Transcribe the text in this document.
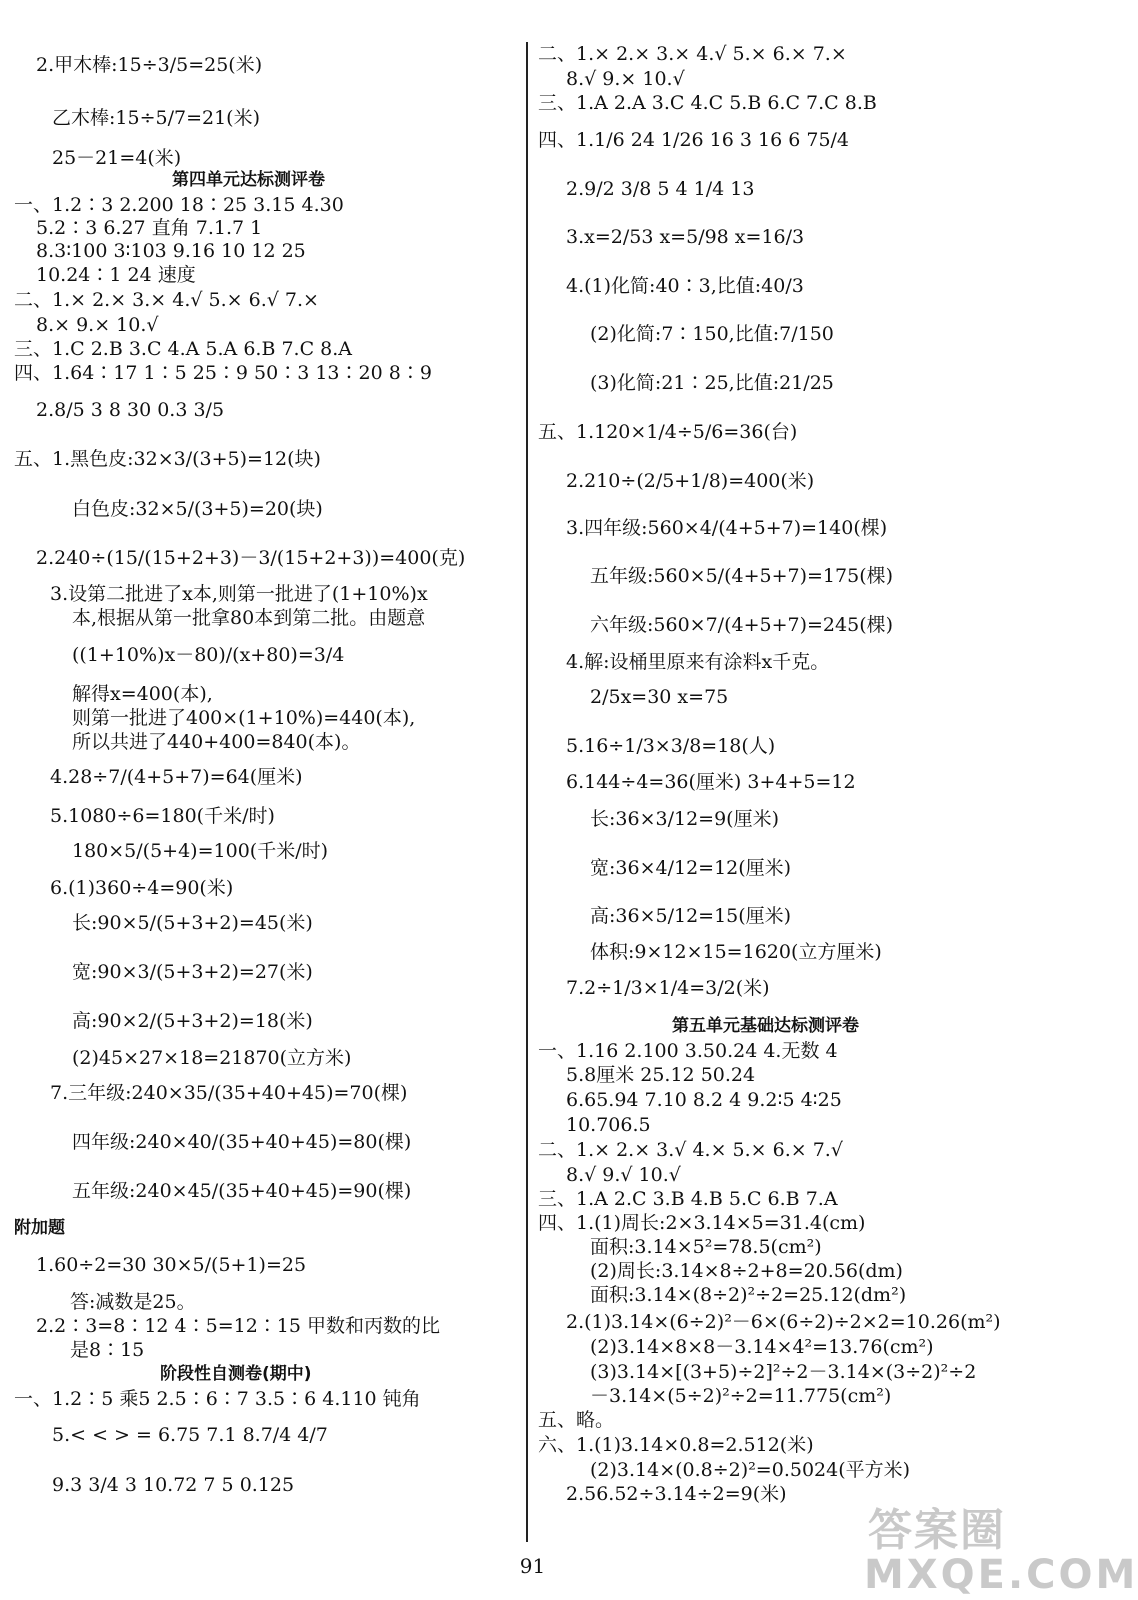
2.甲木棒:15÷3/5=25(米)
乙木棒:15÷5/7=21(米)
25－21=4(米)
第四单元达标测评卷
一、1.2∶3 2.200 18∶25 3.15 4.30
5.2∶3 6.27 直角 7.1.7 1
8.3∶100 3∶103 9.16 10 12 25
10.24∶1 24 速度
二、1.× 2.× 3.× 4.√ 5.× 6.√ 7.×
8.× 9.× 10.√
三、1.C 2.B 3.C 4.A 5.A 6.B 7.C 8.A
四、1.64∶17 1∶5 25∶9 50∶3 13∶20 8∶9
2.8/5 3 8 30 0.3 3/5
五、1.黑色皮:32×3/(3+5)=12(块)
白色皮:32×5/(3+5)=20(块)
2.240÷(15/(15+2+3)－3/(15+2+3))=400(克)
3.设第二批进了x本,则第一批进了(1+10%)x
本,根据从第一批拿80本到第二批。由题意
((1+10%)x－80)/(x+80)=3/4
解得x=400(本),
则第一批进了400×(1+10%)=440(本),
所以共进了440+400=840(本)。
4.28÷7/(4+5+7)=64(厘米)
5.1080÷6=180(千米/时)
180×5/(5+4)=100(千米/时)
6.(1)360÷4=90(米)
长:90×5/(5+3+2)=45(米)
宽:90×3/(5+3+2)=27(米)
高:90×2/(5+3+2)=18(米)
(2)45×27×18=21870(立方米)
7.三年级:240×35/(35+40+45)=70(棵)
四年级:240×40/(35+40+45)=80(棵)
五年级:240×45/(35+40+45)=90(棵)
附加题
1.60÷2=30 30×5/(5+1)=25
答:减数是25。
2.2∶3=8∶12 4∶5=12∶15 甲数和丙数的比
是8∶15
阶段性自测卷(期中)
一、1.2∶5 乘5 2.5∶6∶7 3.5∶6 4.110 钝角
5.< < > = 6.75 7.1 8.7/4 4/7
9.3 3/4 3 10.72 7 5 0.125
二、1.× 2.× 3.× 4.√ 5.× 6.× 7.×
8.√ 9.× 10.√
三、1.A 2.A 3.C 4.C 5.B 6.C 7.C 8.B
四、1.1/6 24 1/26 16 3 16 6 75/4
2.9/2 3/8 5 4 1/4 13
3.x=2/53 x=5/98 x=16/3
4.(1)化简:40∶3,比值:40/3
(2)化简:7∶150,比值:7/150
(3)化简:21∶25,比值:21/25
五、1.120×1/4÷5/6=36(台)
2.210÷(2/5+1/8)=400(米)
3.四年级:560×4/(4+5+7)=140(棵)
五年级:560×5/(4+5+7)=175(棵)
六年级:560×7/(4+5+7)=245(棵)
4.解:设桶里原来有涂料x千克。
2/5x=30 x=75
5.16÷1/3×3/8=18(人)
6.144÷4=36(厘米) 3+4+5=12
长:36×3/12=9(厘米)
宽:36×4/12=12(厘米)
高:36×5/12=15(厘米)
体积:9×12×15=1620(立方厘米)
7.2÷1/3×1/4=3/2(米)
第五单元基础达标测评卷
一、1.16 2.100 3.50.24 4.无数 4
5.8厘米 25.12 50.24
6.65.94 7.10 8.2 4 9.2∶5 4∶25
10.706.5
二、1.× 2.× 3.√ 4.× 5.× 6.× 7.√
8.√ 9.√ 10.√
三、1.A 2.C 3.B 4.B 5.C 6.B 7.A
四、1.(1)周长:2×3.14×5=31.4(cm)
面积:3.14×5²=78.5(cm²)
(2)周长:3.14×8÷2+8=20.56(dm)
面积:3.14×(8÷2)²÷2=25.12(dm²)
2.(1)3.14×(6÷2)²－6×(6÷2)÷2×2=10.26(m²)
(2)3.14×8×8－3.14×4²=13.76(cm²)
(3)3.14×[(3+5)÷2]²÷2－3.14×(3÷2)²÷2
－3.14×(5÷2)²÷2=11.775(cm²)
五、略。
六、1.(1)3.14×0.8=2.512(米)
(2)3.14×(0.8÷2)²=0.5024(平方米)
2.56.52÷3.14÷2=9(米)
91
答案圈
MXQE.COM
